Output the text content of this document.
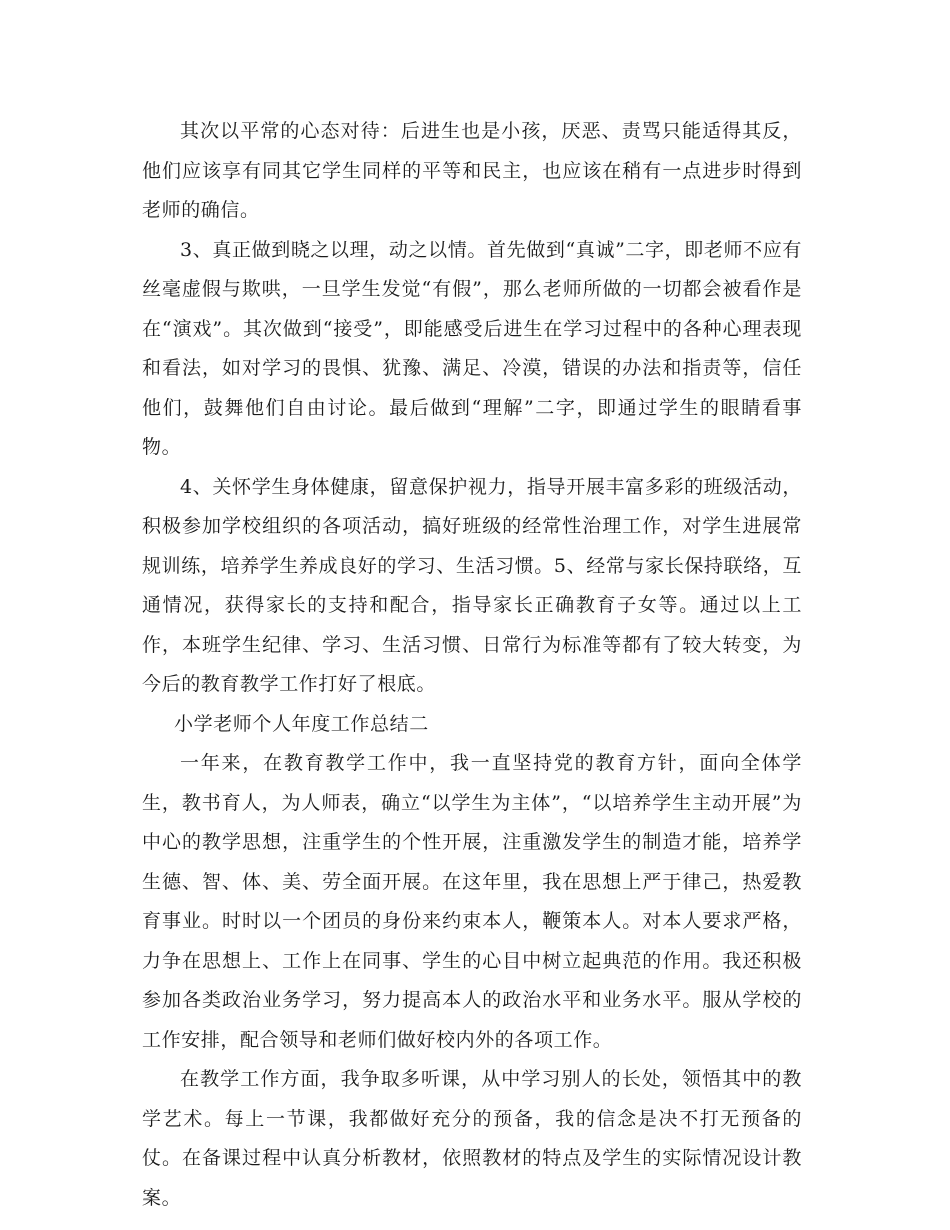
其次以平常的心态对待：后进生也是小孩，厌恶、责骂只能适得其反，他们应该享有同其它学生同样的平等和民主，也应该在稍有一点进步时得到老师的确信。

3、真正做到晓之以理，动之以情。首先做到“真诚”二字，即老师不应有丝毫虚假与欺哄，一旦学生发觉“有假”，那么老师所做的一切都会被看作是在“演戏”。其次做到“接受”，即能感受后进生在学习过程中的各种心理表现和看法，如对学习的畏惧、犹豫、满足、冷漠，错误的办法和指责等，信任他们，鼓舞他们自由讨论。最后做到“理解”二字，即通过学生的眼睛看事物。

4、关怀学生身体健康，留意保护视力，指导开展丰富多彩的班级活动，积极参加学校组织的各项活动，搞好班级的经常性治理工作，对学生进展常规训练，培养学生养成良好的学习、生活习惯。5、经常与家长保持联络，互通情况，获得家长的支持和配合，指导家长正确教育子女等。通过以上工作，本班学生纪律、学习、生活习惯、日常行为标准等都有了较大转变，为今后的教育教学工作打好了根底。

小学老师个人年度工作总结二

一年来，在教育教学工作中，我一直坚持党的教育方针，面向全体学生，教书育人，为人师表，确立“以学生为主体”，“以培养学生主动开展”为中心的教学思想，注重学生的个性开展，注重激发学生的制造才能，培养学生德、智、体、美、劳全面开展。在这年里，我在思想上严于律己，热爱教育事业。时时以一个团员的身份来约束本人，鞭策本人。对本人要求严格，力争在思想上、工作上在同事、学生的心目中树立起典范的作用。我还积极参加各类政治业务学习，努力提高本人的政治水平和业务水平。服从学校的工作安排，配合领导和老师们做好校内外的各项工作。

在教学工作方面，我争取多听课，从中学习别人的长处，领悟其中的教学艺术。每上一节课，我都做好充分的预备，我的信念是决不打无预备的仗。在备课过程中认真分析教材，依照教材的特点及学生的实际情况设计教案。
